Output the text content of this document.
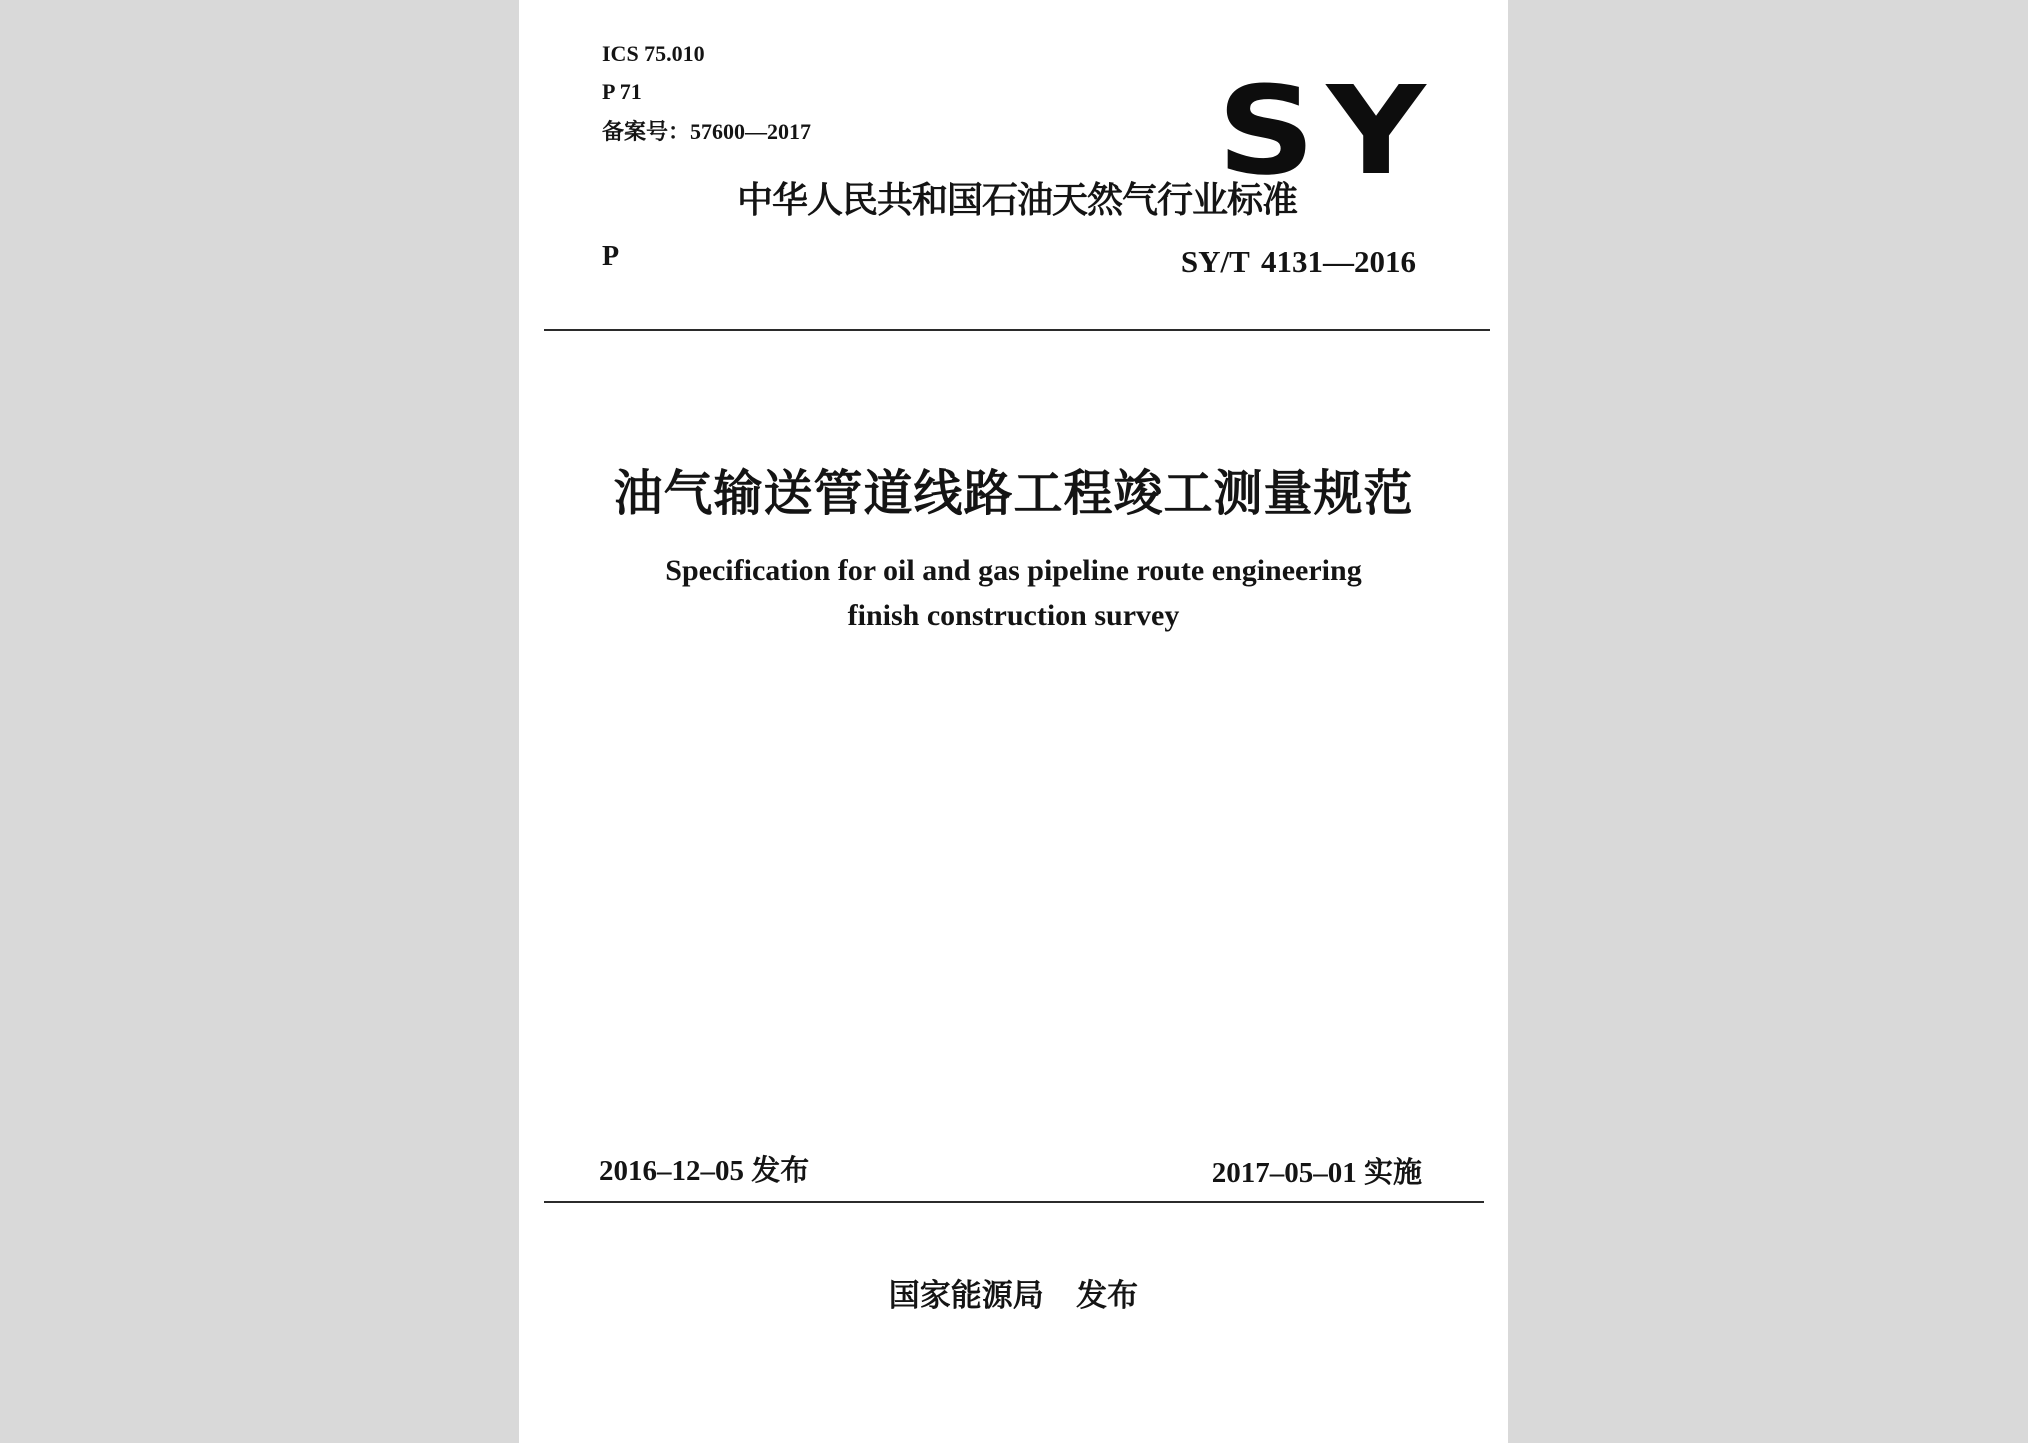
ICS 75.010
P 71
备案号：57600—2017	SY
中华人民共和国石油天然气行业标准
P	SY/T 4131—2016
油气输送管道线路工程竣工测量规范
Specification for oil and gas pipeline route engineering
finish construction survey
2016–12–05 发布	2017–05–01 实施
国家能源局   发布
